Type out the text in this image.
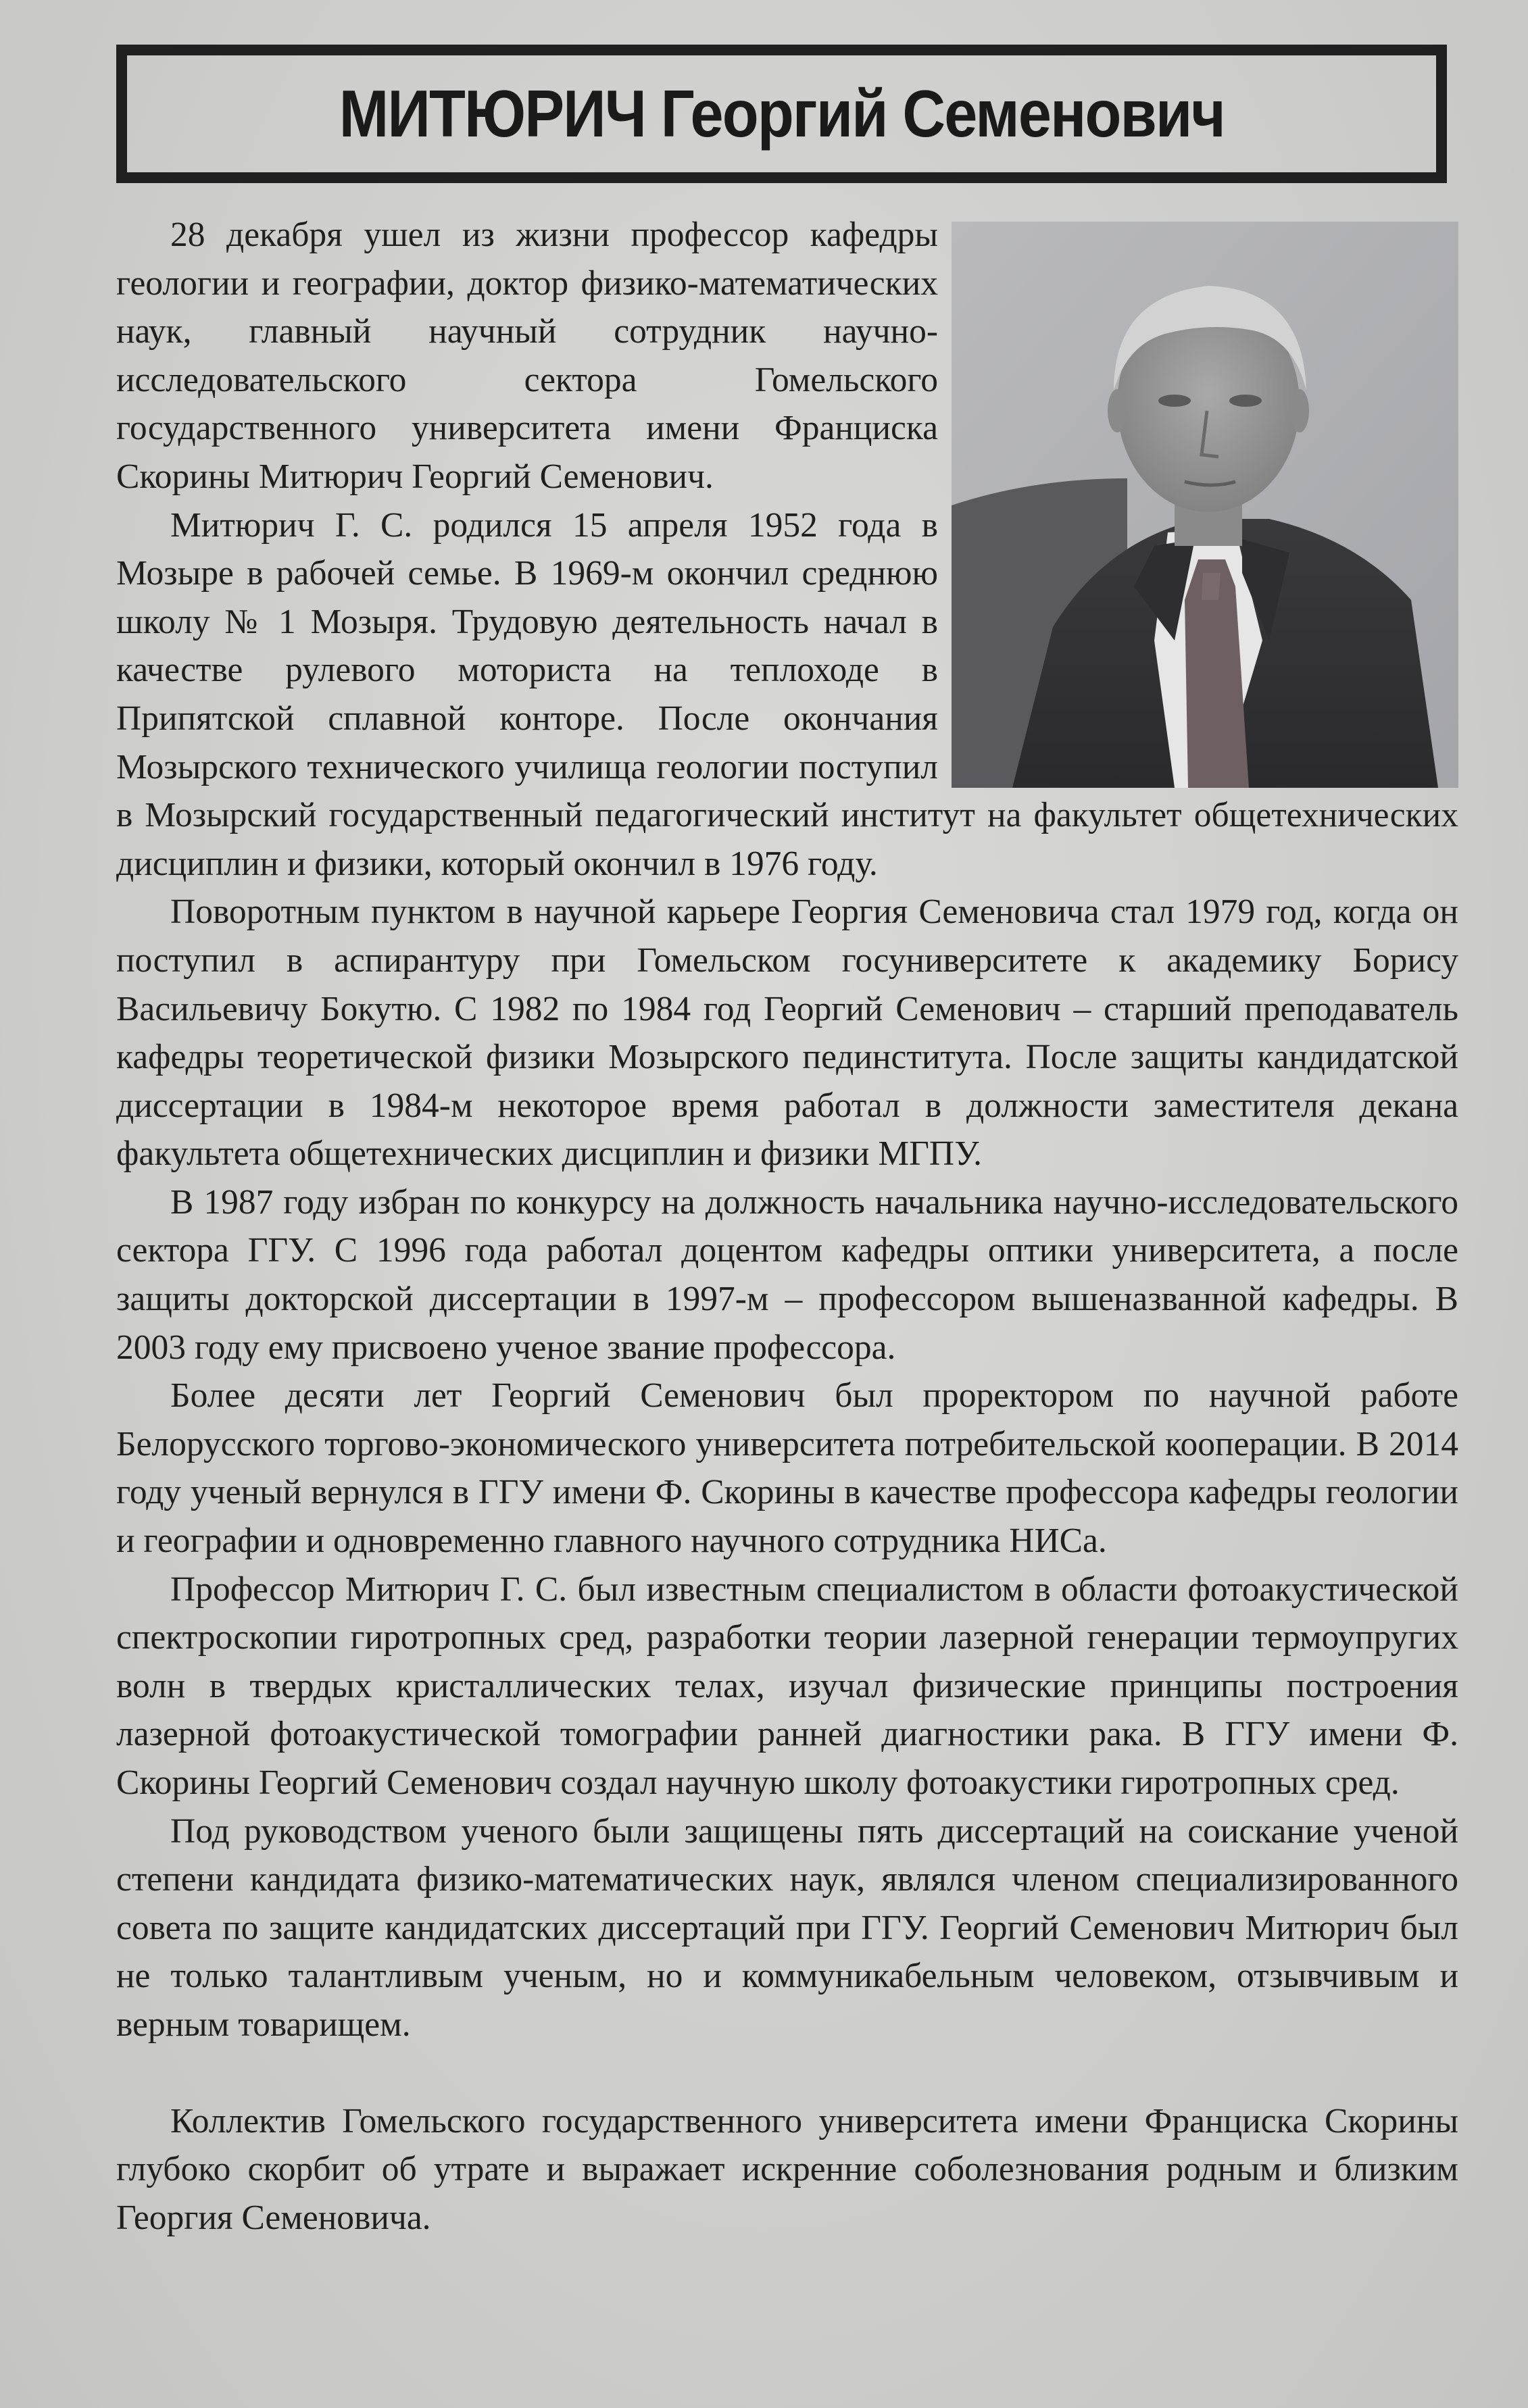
МИТЮРИЧ Георгий Семенович

28 декабря ушел из жизни профессор кафедры геологии и географии, доктор физико-математических наук, главный научный сотрудник научно-исследовательского сектора Гомельского государственного университета имени Франциска Скорины Митюрич Георгий Семенович.

Митюрич Г. С. родился 15 апреля 1952 года в Мозыре в рабочей семье. В 1969-м окончил среднюю школу № 1 Мозыря. Трудовую деятельность начал в качестве рулевого моториста на теплоходе в Припятской сплавной конторе. После окончания Мозырского технического училища геологии поступил в Мозырский государственный педагогический институт на факультет общетехнических дисциплин и физики, который окончил в 1976 году.

Поворотным пунктом в научной карьере Георгия Семеновича стал 1979 год, когда он поступил в аспирантуру при Гомельском госуниверситете к академику Борису Васильевичу Бокутю. С 1982 по 1984 год Георгий Семенович – старший преподаватель кафедры теоретической физики Мозырского пединститута. После защиты кандидатской диссертации в 1984-м некоторое время работал в должности заместителя декана факультета общетехнических дисциплин и физики МГПУ.

В 1987 году избран по конкурсу на должность начальника научно-исследовательского сектора ГГУ. С 1996 года работал доцентом кафедры оптики университета, а после защиты докторской диссертации в 1997-м – профессором вышеназванной кафедры. В 2003 году ему присвоено ученое звание профессора.

Более десяти лет Георгий Семенович был проректором по научной работе Белорусского торгово-экономического университета потребительской кооперации. В 2014 году ученый вернулся в ГГУ имени Ф. Скорины в качестве профессора кафедры геологии и географии и одновременно главного научного сотрудника НИСа.

Профессор Митюрич Г. С. был известным специалистом в области фотоакустической спектроскопии гиротропных сред, разработки теории лазерной генерации термоупругих волн в твердых кристаллических телах, изучал физические принципы построения лазерной фотоакустической томографии ранней диагностики рака. В ГГУ имени Ф. Скорины Георгий Семенович создал научную школу фотоакустики гиротропных сред.

Под руководством ученого были защищены пять диссертаций на соискание ученой степени кандидата физико-математических наук, являлся членом специализированного совета по защите кандидатских диссертаций при ГГУ. Георгий Семенович Митюрич был не только талантливым ученым, но и коммуникабельным человеком, отзывчивым и верным товарищем.

Коллектив Гомельского государственного университета имени Франциска Скорины глубоко скорбит об утрате и выражает искренние соболезнования родным и близким Георгия Семеновича.
